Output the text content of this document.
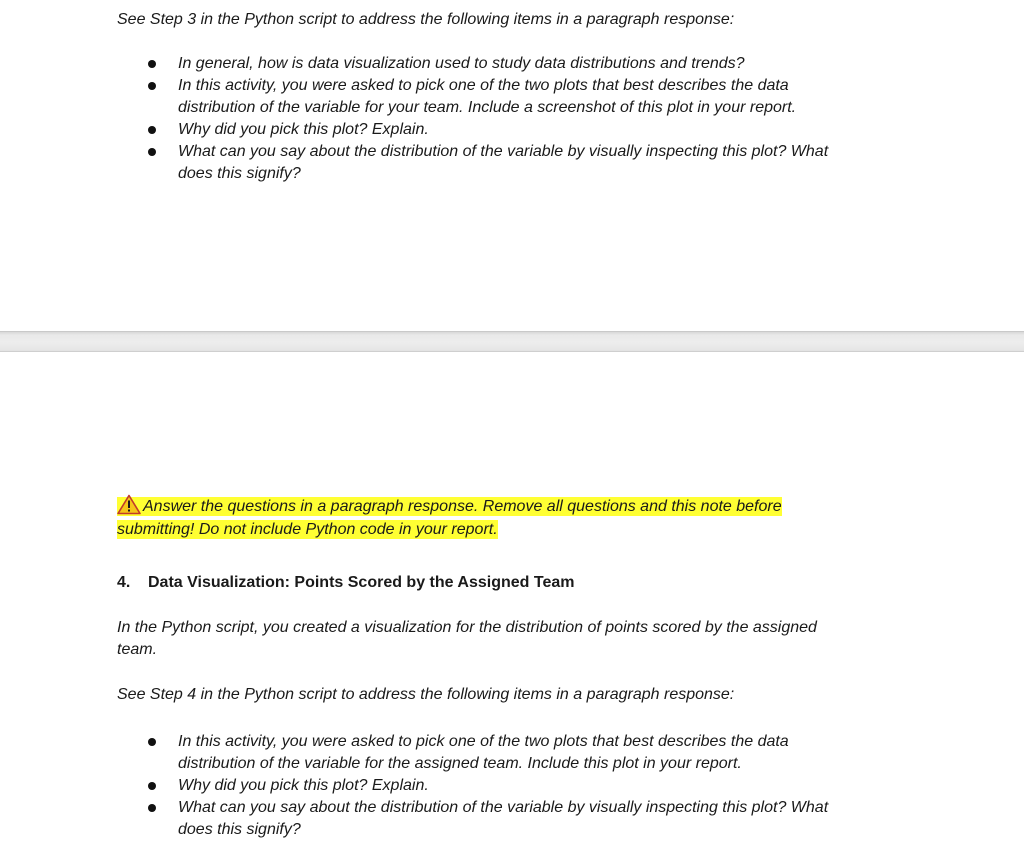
See Step 3 in the Python script to address the following items in a paragraph response:

In general, how is data visualization used to study data distributions and trends?
In this activity, you were asked to pick one of the two plots that best describes the data
distribution of the variable for your team. Include a screenshot of this plot in your report.
Why did you pick this plot? Explain.
What can you say about the distribution of the variable by visually inspecting this plot? What
does this signify?

Answer the questions in a paragraph response. Remove all questions and this note before
submitting! Do not include Python code in your report.

4. Data Visualization: Points Scored by the Assigned Team

In the Python script, you created a visualization for the distribution of points scored by the assigned
team.

See Step 4 in the Python script to address the following items in a paragraph response:

In this activity, you were asked to pick one of the two plots that best describes the data
distribution of the variable for the assigned team. Include this plot in your report.
Why did you pick this plot? Explain.
What can you say about the distribution of the variable by visually inspecting this plot? What
does this signify?
